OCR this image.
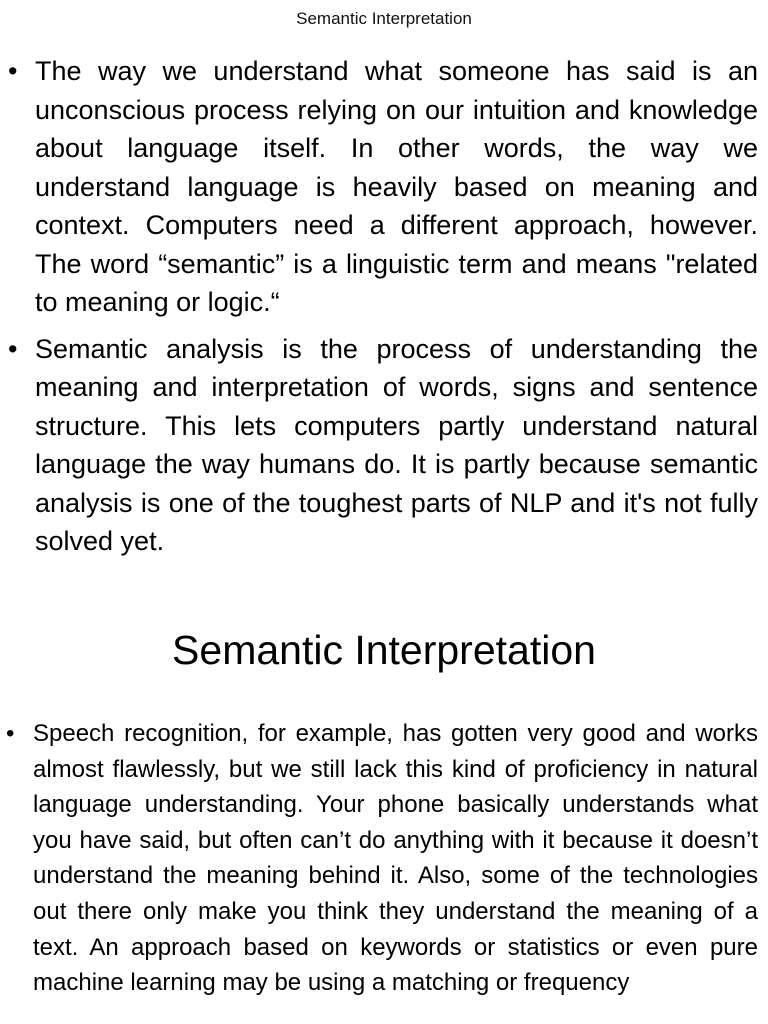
Semantic Interpretation
• The way we understand what someone has said is an unconscious process relying on our intuition and knowledge about language itself. In other words, the way we understand language is heavily based on meaning and context. Computers need a different approach, however. The word “semantic” is a linguistic term and means "related to meaning or logic.“
• Semantic analysis is the process of understanding the meaning and interpretation of words, signs and sentence structure. This lets computers partly understand natural language the way humans do. It is partly because semantic analysis is one of the toughest parts of NLP and it's not fully solved yet.
Semantic Interpretation
• Speech recognition, for example, has gotten very good and works almost flawlessly, but we still lack this kind of proficiency in natural language understanding. Your phone basically understands what you have said, but often can’t do anything with it because it doesn’t understand the meaning behind it. Also, some of the technologies out there only make you think they understand the meaning of a text. An approach based on keywords or statistics or even pure machine learning may be using a matching or frequency
